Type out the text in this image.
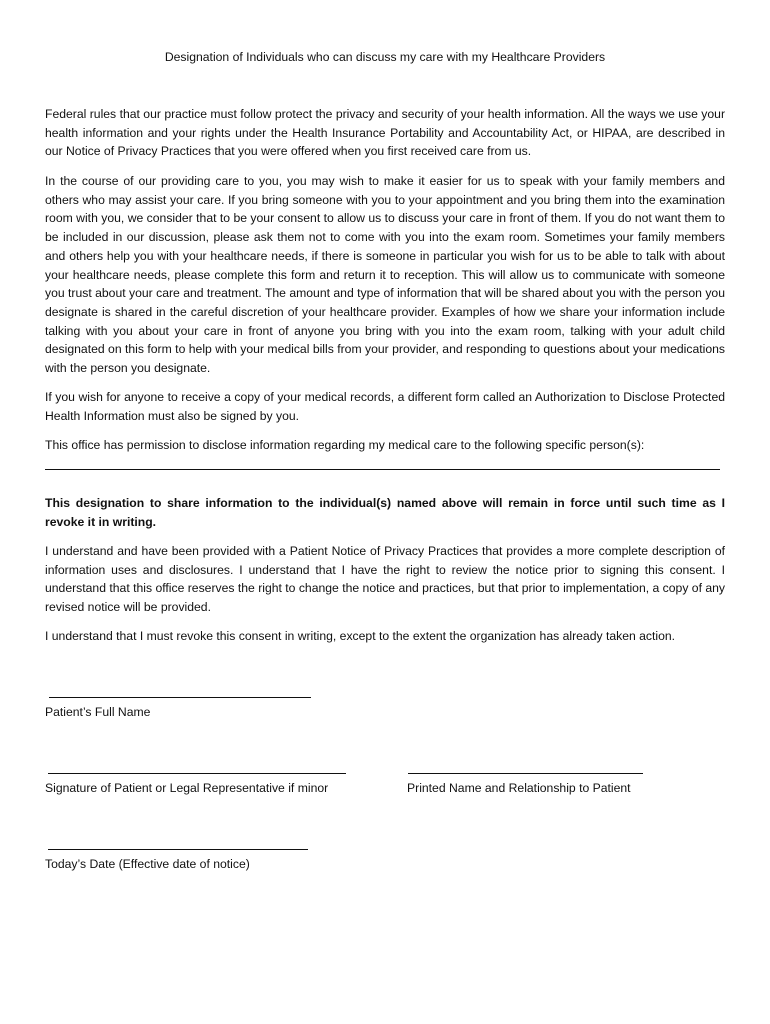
Designation of Individuals who can discuss my care with my Healthcare Providers

Federal rules that our practice must follow protect the privacy and security of your health information. All the ways we use your health information and your rights under the Health Insurance Portability and Accountability Act, or HIPAA, are described in our Notice of Privacy Practices that you were offered when you first received care from us.

In the course of our providing care to you, you may wish to make it easier for us to speak with your family members and others who may assist your care. If you bring someone with you to your appointment and you bring them into the examination room with you, we consider that to be your consent to allow us to discuss your care in front of them. If you do not want them to be included in our discussion, please ask them not to come with you into the exam room. Sometimes your family members and others help you with your healthcare needs, if there is someone in particular you wish for us to be able to talk with about your healthcare needs, please complete this form and return it to reception. This will allow us to communicate with someone you trust about your care and treatment. The amount and type of information that will be shared about you with the person you designate is shared in the careful discretion of your healthcare provider. Examples of how we share your information include talking with you about your care in front of anyone you bring with you into the exam room, talking with your adult child designated on this form to help with your medical bills from your provider, and responding to questions about your medications with the person you designate.

If you wish for anyone to receive a copy of your medical records, a different form called an Authorization to Disclose Protected Health Information must also be signed by you.

This office has permission to disclose information regarding my medical care to the following specific person(s):

This designation to share information to the individual(s) named above will remain in force until such time as I revoke it in writing.

I understand and have been provided with a Patient Notice of Privacy Practices that provides a more complete description of information uses and disclosures. I understand that I have the right to review the notice prior to signing this consent. I understand that this office reserves the right to change the notice and practices, but that prior to implementation, a copy of any revised notice will be provided.

I understand that I must revoke this consent in writing, except to the extent the organization has already taken action.

Patient’s Full Name
Signature of Patient or Legal Representative if minor	Printed Name and Relationship to Patient
Today’s Date (Effective date of notice)
